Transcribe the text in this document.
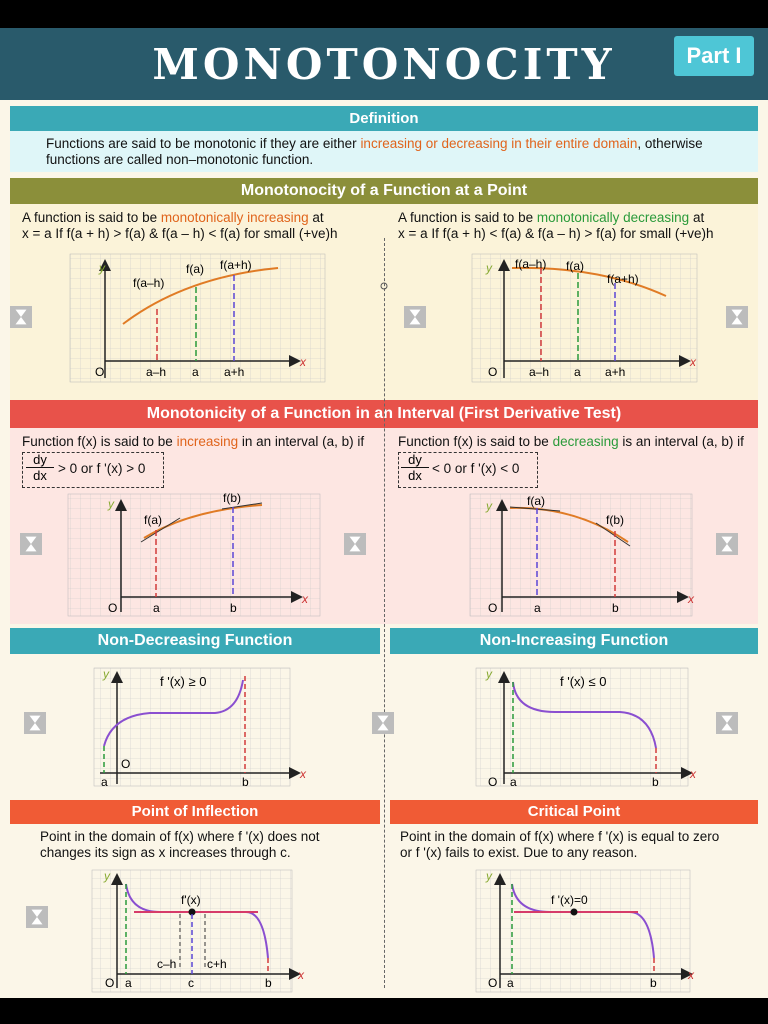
MONOTONOCITY	Part I
Definition
Functions are said to be monotonic if they are either increasing or decreasing in their entire domain, otherwise
functions are called non–monotonic function.
Monotonocity of a Function at a Point
A function is said to be monotonically increasing at
x = a If f(a + h) > f(a) & f(a – h) < f(a) for small (+ve)h
A function is said to be monotonically decreasing at
x = a If f(a + h) < f(a) & f(a – h) > f(a) for small (+ve)h
Monotonicity of a Function in an Interval (First Derivative Test)
Function f(x) is said to be increasing in an interval (a, b) if
$\frac{dy}{dx} > 0$ or f '(x) > 0
Function f(x) is said to be decreasing is an interval (a, b) if
$\frac{dy}{dx} < 0$ or f '(x) < 0
Non-Decreasing Function	Non-Increasing Function
Point of Inflection	Critical Point
Point in the domain of f(x) where f '(x) does not
changes its sign as x increases through c.
Point in the domain of f(x) where f '(x) is equal to zero
or f '(x) fails to exist. Due to any reason.
y
x
O
f(a–h)
f(a) f(a+h)
a–h a a+h
y
x
O
f(a–h) f(a)
f(a+h)
a–h a a+h
y
x
O
f(a)
f(b)
a	b
y
x
O
f(a)
f(b)
a	b
f '(x) ≥ 0
y
x
O
a	b
f '(x) ≤ 0
y
x
O a	b
f'(x)
y
x
O a	c	b
c–h	c+h
f '(x)=0
y
x
O a	b
